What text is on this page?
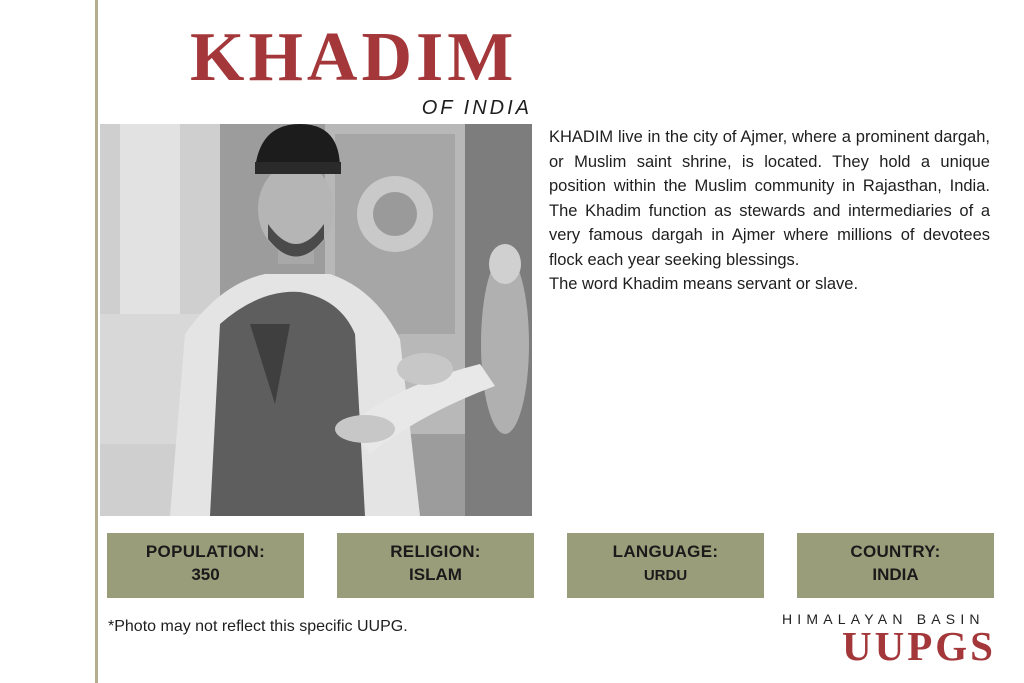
KHADIM
OF INDIA

KHADIM live in the city of Ajmer, where a prominent dargah, or Muslim saint shrine, is located. They hold a unique position within the Muslim community in Rajasthan, India. The Khadim function as stewards and intermediaries of a very famous dargah in Ajmer where millions of devotees flock each year seeking blessings.
The word Khadim means servant or slave.

POPULATION:
350
RELIGION:
ISLAM
LANGUAGE:
URDU
COUNTRY:
INDIA
*Photo may not reflect this specific UUPG.	HIMALAYAN BASIN
UUPGS
